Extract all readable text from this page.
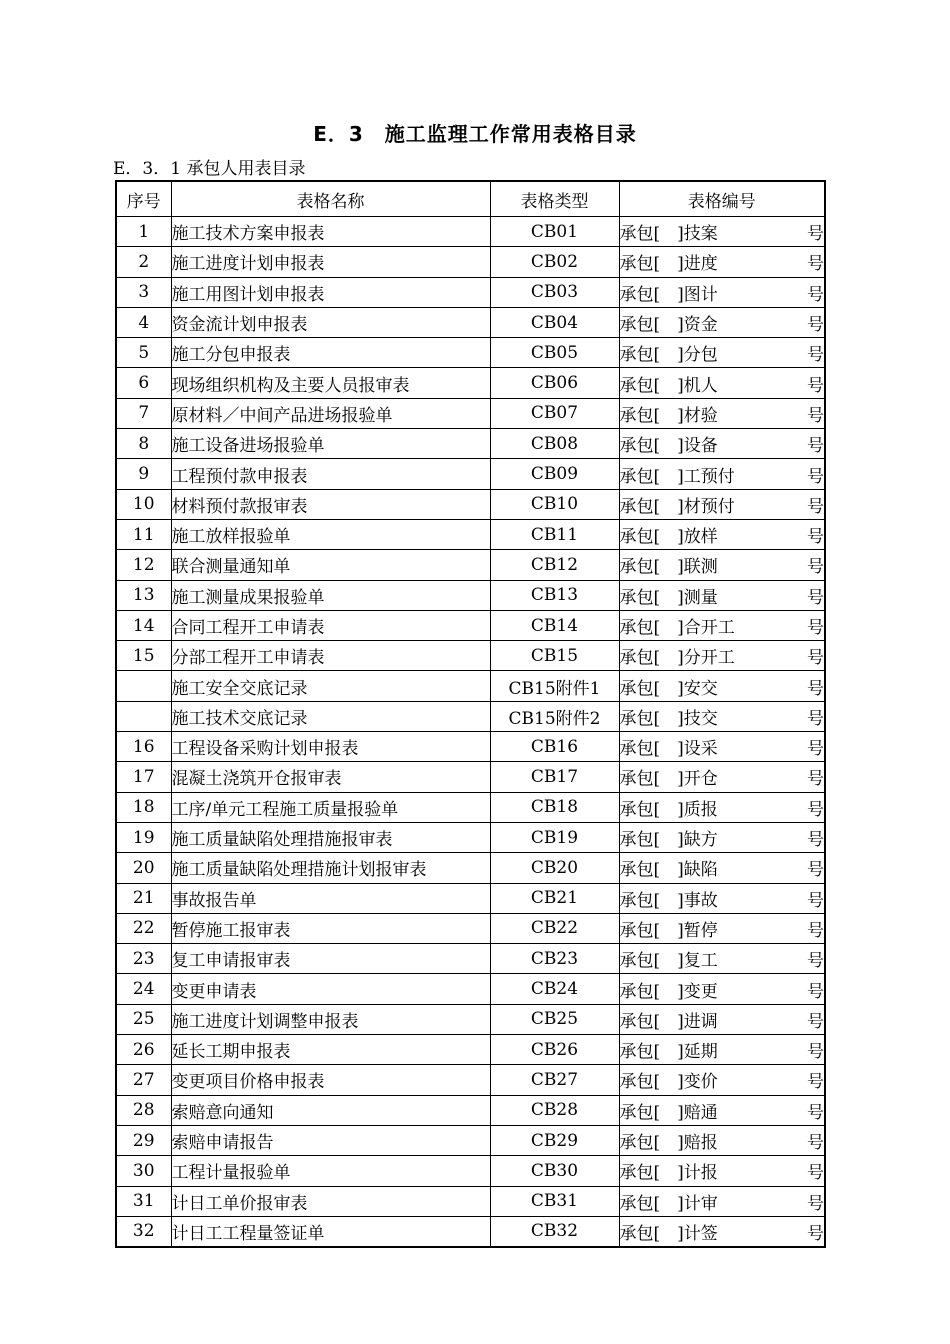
E．3　施工监理工作常用表格目录
E．3．1 承包人用表目录
序号	表格名称	表格类型	表格编号
1	施工技术方案申报表	CB01	承包[　]技案 号

2	施工进度计划申报表	CB02	承包[　]进度 号

3	施工用图计划申报表	CB03	承包[　]图计 号

4	资金流计划申报表	CB04	承包[　]资金 号

5	施工分包申报表	CB05	承包[　]分包 号

6	现场组织机构及主要人员报审表	CB06	承包[　]机人 号

7	原材料／中间产品进场报验单	CB07	承包[　]材验 号

8	施工设备进场报验单	CB08	承包[　]设备 号

9	工程预付款申报表	CB09	承包[　]工预付 号

10	材料预付款报审表	CB10	承包[　]材预付 号

11	施工放样报验单	CB11	承包[　]放样 号

12	联合测量通知单	CB12	承包[　]联测 号

13	施工测量成果报验单	CB13	承包[　]测量 号

14	合同工程开工申请表	CB14	承包[　]合开工 号

15	分部工程开工申请表	CB15	承包[　]分开工 号

	施工安全交底记录	CB15附件1	承包[　]安交 号

	施工技术交底记录	CB15附件2	承包[　]技交 号

16	工程设备采购计划申报表	CB16	承包[　]设采 号

17	混凝土浇筑开仓报审表	CB17	承包[　]开仓 号

18	工序/单元工程施工质量报验单	CB18	承包[　]质报 号

19	施工质量缺陷处理措施报审表	CB19	承包[　]缺方 号

20	施工质量缺陷处理措施计划报审表	CB20	承包[　]缺陷 号

21	事故报告单	CB21	承包[　]事故 号

22	暂停施工报审表	CB22	承包[　]暂停 号

23	复工申请报审表	CB23	承包[　]复工 号

24	变更申请表	CB24	承包[　]变更 号

25	施工进度计划调整申报表	CB25	承包[　]进调 号

26	延长工期申报表	CB26	承包[　]延期 号

27	变更项目价格申报表	CB27	承包[　]变价 号

28	索赔意向通知	CB28	承包[　]赔通 号

29	索赔申请报告	CB29	承包[　]赔报 号

30	工程计量报验单	CB30	承包[　]计报 号

31	计日工单价报审表	CB31	承包[　]计审 号

32	计日工工程量签证单	CB32	承包[　]计签 号
